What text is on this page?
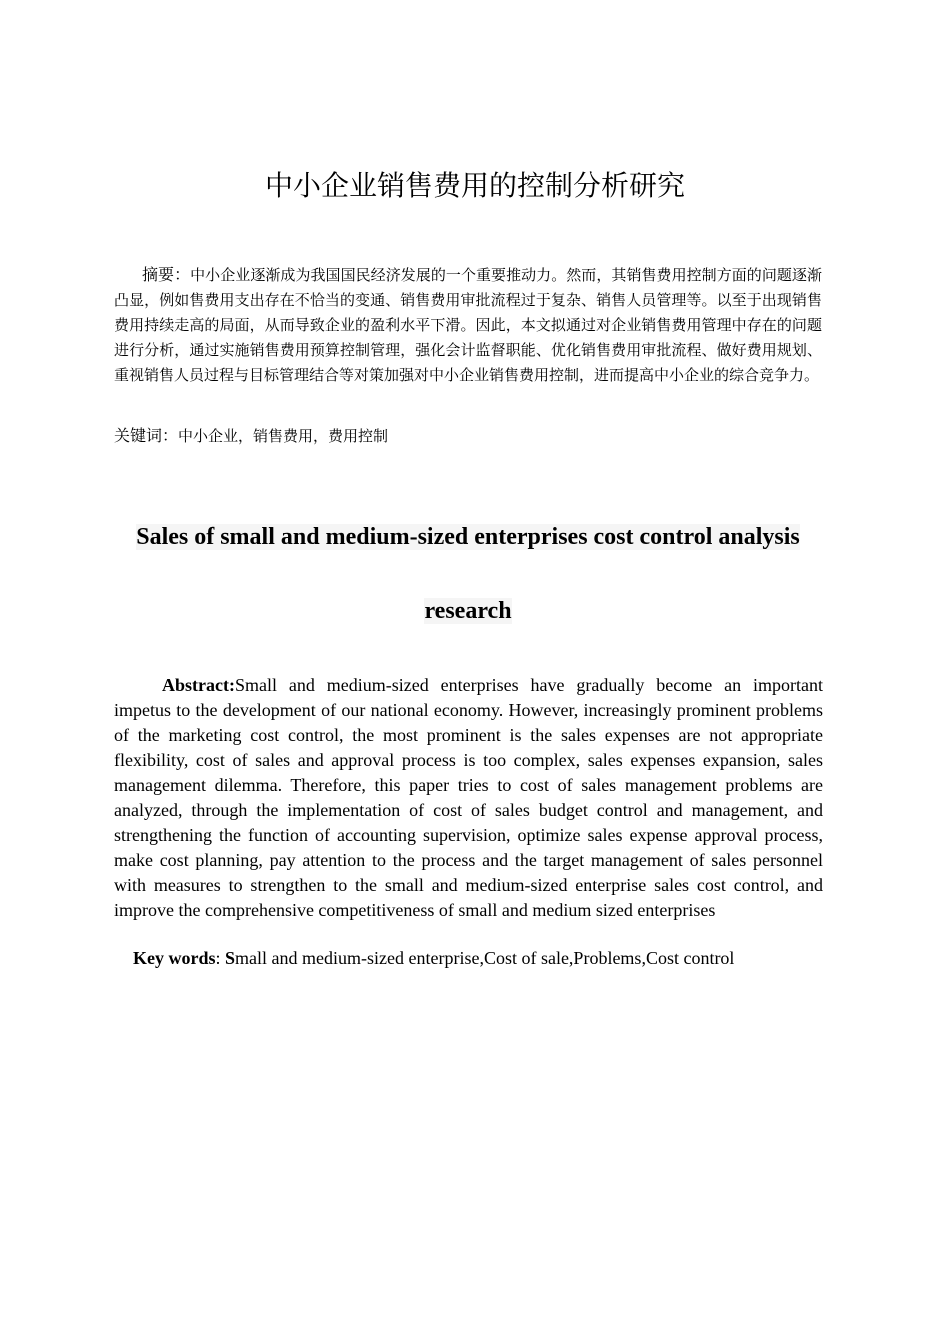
中小企业销售费用的控制分析研究

摘要：中小企业逐渐成为我国国民经济发展的一个重要推动力。然而，其销售费用控制方面的问题逐渐凸显，例如售费用支出存在不恰当的变通、销售费用审批流程过于复杂、销售人员管理等。以至于出现销售费用持续走高的局面，从而导致企业的盈利水平下滑。因此，本文拟通过对企业销售费用管理中存在的问题进行分析，通过实施销售费用预算控制管理，强化会计监督职能、优化销售费用审批流程、做好费用规划、重视销售人员过程与目标管理结合等对策加强对中小企业销售费用控制，进而提高中小企业的综合竞争力。

关键词：中小企业，销售费用，费用控制

Sales of small and medium-sized enterprises cost control analysis research

Abstract:Small and medium-sized enterprises have gradually become an important impetus to the development of our national economy. However, increasingly prominent problems of the marketing cost control, the most prominent is the sales expenses are not appropriate flexibility, cost of sales and approval process is too complex, sales expenses expansion, sales management dilemma. Therefore, this paper tries to cost of sales management problems are analyzed, through the implementation of cost of sales budget control and management, and strengthening the function of accounting supervision, optimize sales expense approval process, make cost planning, pay attention to the process and the target management of sales personnel with measures to strengthen to the small and medium-sized enterprise sales cost control, and improve the comprehensive competitiveness of small and medium sized enterprises

Key words: Small and medium-sized enterprise,Cost of sale,Problems,Cost control
